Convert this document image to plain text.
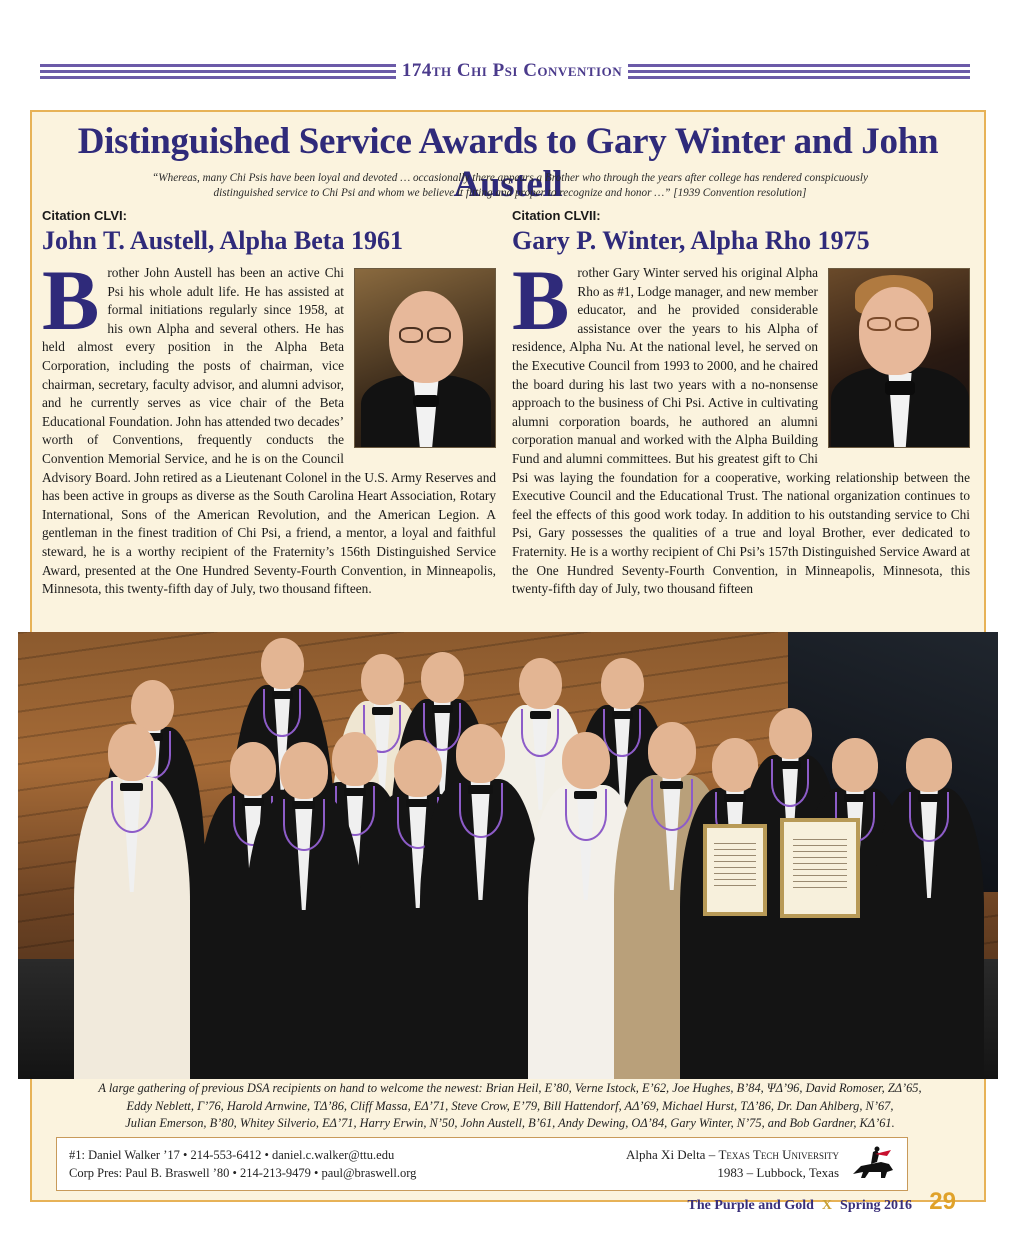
174th Chi Psi Convention
Distinguished Service Awards to Gary Winter and John Austell
“Whereas, many Chi Psis have been loyal and devoted … occasionally there appears a Brother who through the years after college has rendered conspicuously
distinguished service to Chi Psi and whom we believe it fitting and proper to recognize and honor …” [1939 Convention resolution]
Citation CLVI:
John T. Austell, Alpha Beta 1961
B rother John Austell has been an active Chi Psi his whole adult life. He has assisted at formal initiations regularly since 1958, at his own Alpha and several others. He has held almost every position in the Alpha Beta Corporation, including the posts of chairman, vice chairman, secretary, faculty advisor, and alumni advisor, and he currently serves as vice chair of the Beta Educational Foundation. John has attended two decades’ worth of Conventions, frequently conducts the Convention Memorial Service, and he is on the Council Advisory Board. John retired as a Lieutenant Colonel in the U.S. Army Reserves and has been active in groups as diverse as the South Carolina Heart Association, Rotary International, Sons of the American Revolution, and the American Legion. A gentleman in the finest tradition of Chi Psi, a friend, a mentor, a loyal and faithful steward, he is a worthy recipient of the Fraternity’s 156th Distinguished Service Award, presented at the One Hundred Seventy-Fourth Convention, in Minneapolis, Minnesota, this twenty-fifth day of July, two thousand fifteen.
Citation CLVII:
Gary P. Winter, Alpha Rho 1975
B rother Gary Winter served his original Alpha Rho as #1, Lodge manager, and new member educator, and he provided considerable assistance over the years to his Alpha of residence, Alpha Nu. At the national level, he served on the Executive Council from 1993 to 2000, and he chaired the board during his last two years with a no-nonsense approach to the business of Chi Psi. Active in cultivating alumni corporation boards, he authored an alumni corporation manual and worked with the Alpha Building Fund and alumni committees. But his greatest gift to Chi Psi was laying the foundation for a cooperative, working relationship between the Executive Council and the Educational Trust. The national organization continues to feel the effects of this good work today. In addition to his outstanding service to Chi Psi, Gary possesses the qualities of a true and loyal Brother, ever dedicated to Fraternity. He is a worthy recipient of Chi Psi’s 157th Distinguished Service Award at the One Hundred Seventy-Fourth Convention, in Minneapolis, Minnesota, this twenty-fifth day of July, two thousand fifteen
A large gathering of previous DSA recipients on hand to welcome the newest: Brian Heil, E’80, Verne Istock, E’62, Joe Hughes, B’84, ΨΔ’96, David Romoser, ZΔ’65,
Eddy Neblett, Γ’76, Harold Arnwine, TΔ’86, Cliff Massa, EΔ’71, Steve Crow, E’79, Bill Hattendorf, AΔ’69, Michael Hurst, TΔ’86, Dr. Dan Ahlberg, N’67,
Julian Emerson, B’80, Whitey Silverio, EΔ’71, Harry Erwin, N’50, John Austell, B’61, Andy Dewing, OΔ’84, Gary Winter, N’75, and Bob Gardner, KΔ’61.
#1: Daniel Walker ’17 • 214-553-6412 • daniel.c.walker@ttu.edu
Corp Pres: Paul B. Braswell ’80 • 214-213-9479 • paul@braswell.org
Alpha Xi Delta – Texas Tech University
1983 – Lubbock, Texas
The Purple and Gold X Spring 2016 29
